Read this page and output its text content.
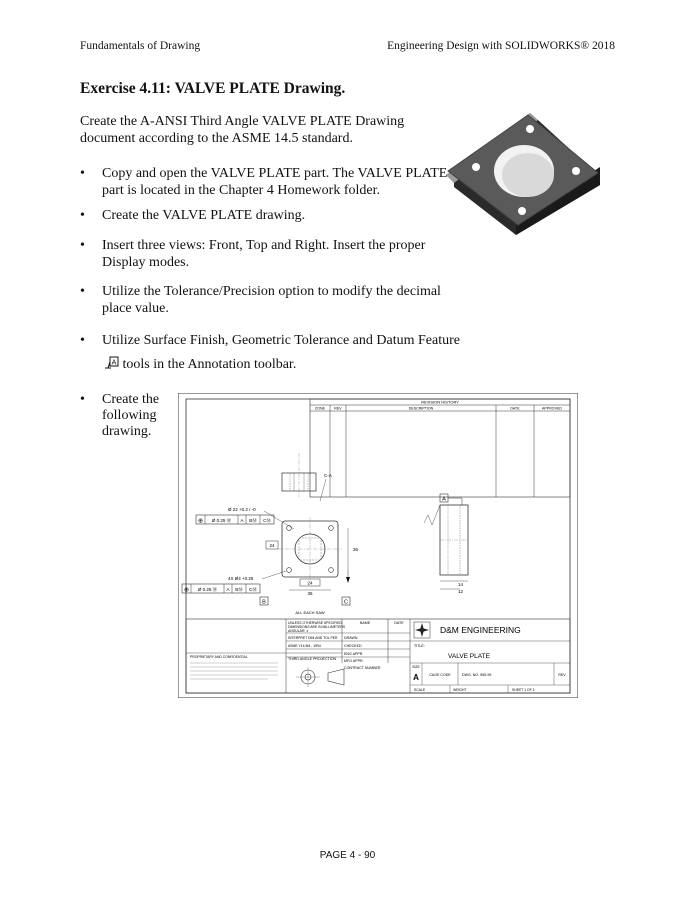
Fundamentals of Drawing	Engineering Design with SOLIDWORKS® 2018
Exercise 4.11: VALVE PLATE Drawing.
Create the A-ANSI Third Angle VALVE PLATE Drawing document according to the ASME 14.5 standard.
• Copy and open the VALVE PLATE part. The VALVE PLATE part is located in the Chapter 4 Homework folder.
• Create the VALVE PLATE drawing.
• Insert three views: Front, Top and Right. Insert the proper Display modes.
• Utilize the Tolerance/Precision option to modify the decimal place value.
• Utilize Surface Finish, Geometric Tolerance and Datum Feature

A tools in the Annotation toolbar.
• Create the following drawing.
REVISION HISTORY
ZONE	REV	DESCRIPTION	DATE	APPROVED
C-A
⊕ Ø 0.25 Ⓜ A BⓂ CⓂ
Ø 22 +0.2 / -0
24
36
4X Ø4 +0.25
⊕ Ø 0.25 Ⓜ A BⓂ CⓂ
24
36
B	C
ALL EACH SAW
A
14
12
UNLESS OTHERWISE SPECIFIED:
DIMENSIONS ARE IN MILLIMETERS
ANGULAR: ±
INTERPRET DIM AND TOL PER
ASME Y14.5M - 1994
NAME	DATE
DRAWN
CHECKED
ENG APPR.
MFG APPR.
CONTRACT NUMBER
THIRD ANGLE PROJECTION
PROPRIETARY AND CONFIDENTIAL
D&M ENGINEERING
TITLE:
VALVE PLATE
SIZE
A	CAGE CODE	DWG. NO. 555-99	REV
SCALE	WEIGHT	SHEET 1 OF 1
PAGE 4 - 90
